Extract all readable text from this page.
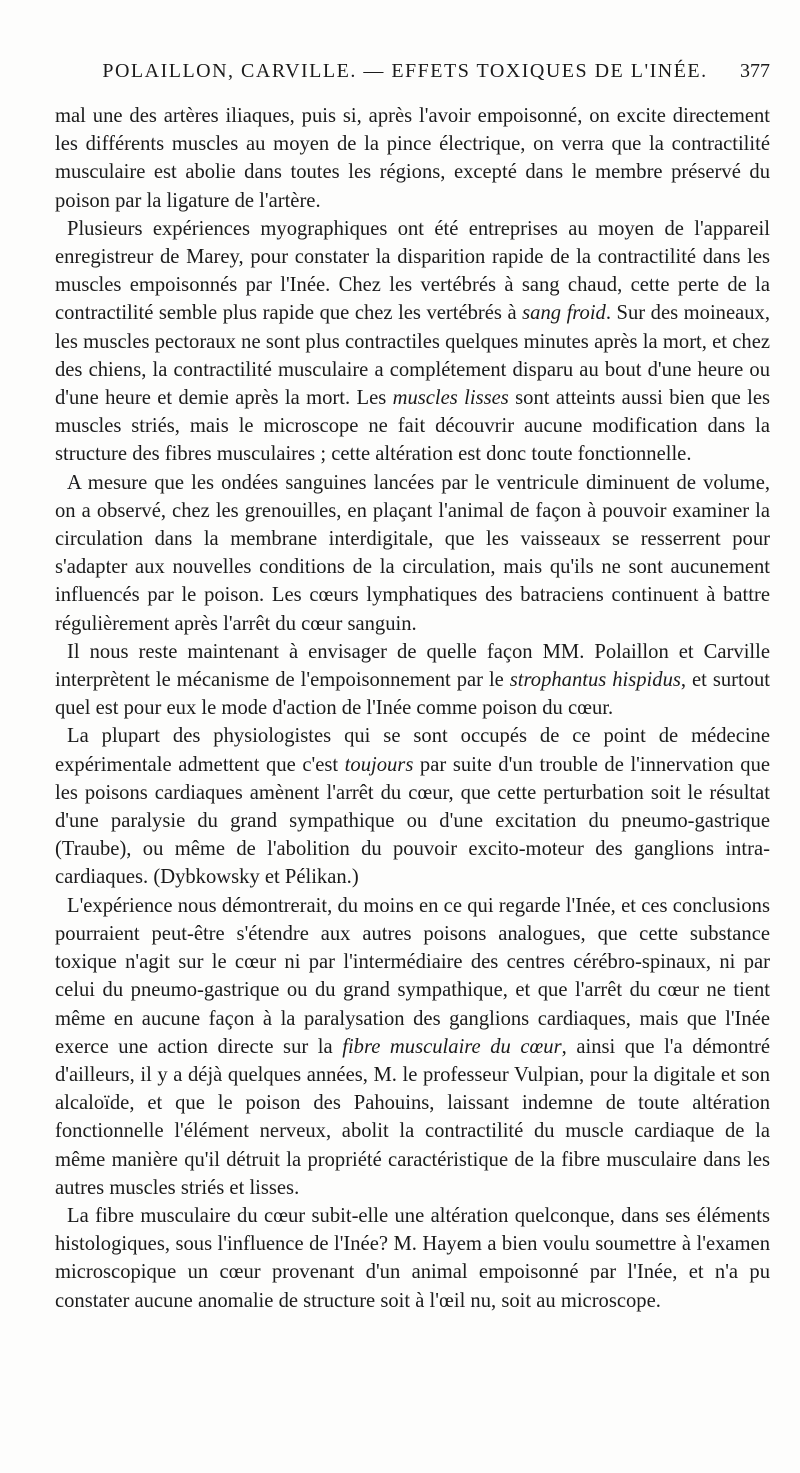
POLAILLON, CARVILLE. — EFFETS TOXIQUES DE L'INÉE.	377

mal une des artères iliaques, puis si, après l'avoir empoisonné, on excite directement les différents muscles au moyen de la pince électrique, on verra que la contractilité musculaire est abolie dans toutes les régions, excepté dans le membre préservé du poison par la ligature de l'artère.

Plusieurs expériences myographiques ont été entreprises au moyen de l'appareil enregistreur de Marey, pour constater la disparition rapide de la contractilité dans les muscles empoisonnés par l'Inée. Chez les vertébrés à sang chaud, cette perte de la contractilité semble plus rapide que chez les vertébrés à sang froid. Sur des moineaux, les muscles pectoraux ne sont plus contractiles quelques minutes après la mort, et chez des chiens, la contractilité musculaire a complétement disparu au bout d'une heure ou d'une heure et demie après la mort. Les muscles lisses sont atteints aussi bien que les muscles striés, mais le microscope ne fait découvrir aucune modification dans la structure des fibres musculaires ; cette altération est donc toute fonctionnelle.

A mesure que les ondées sanguines lancées par le ventricule diminuent de volume, on a observé, chez les grenouilles, en plaçant l'animal de façon à pouvoir examiner la circulation dans la membrane interdigitale, que les vaisseaux se resserrent pour s'adapter aux nouvelles conditions de la circulation, mais qu'ils ne sont aucunement influencés par le poison. Les cœurs lymphatiques des batraciens continuent à battre régulièrement après l'arrêt du cœur sanguin.

Il nous reste maintenant à envisager de quelle façon MM. Polaillon et Carville interprètent le mécanisme de l'empoisonnement par le strophantus hispidus, et surtout quel est pour eux le mode d'action de l'Inée comme poison du cœur.

La plupart des physiologistes qui se sont occupés de ce point de médecine expérimentale admettent que c'est toujours par suite d'un trouble de l'innervation que les poisons cardiaques amènent l'arrêt du cœur, que cette perturbation soit le résultat d'une paralysie du grand sympathique ou d'une excitation du pneumo-gastrique (Traube), ou même de l'abolition du pouvoir excito-moteur des ganglions intra-cardiaques. (Dybkowsky et Pélikan.)

L'expérience nous démontrerait, du moins en ce qui regarde l'Inée, et ces conclusions pourraient peut-être s'étendre aux autres poisons analogues, que cette substance toxique n'agit sur le cœur ni par l'intermédiaire des centres cérébro-spinaux, ni par celui du pneumo-gastrique ou du grand sympathique, et que l'arrêt du cœur ne tient même en aucune façon à la paralysation des ganglions cardiaques, mais que l'Inée exerce une action directe sur la fibre musculaire du cœur, ainsi que l'a démontré d'ailleurs, il y a déjà quelques années, M. le professeur Vulpian, pour la digitale et son alcaloïde, et que le poison des Pahouins, laissant indemne de toute altération fonctionnelle l'élément nerveux, abolit la contractilité du muscle cardiaque de la même manière qu'il détruit la propriété caractéristique de la fibre musculaire dans les autres muscles striés et lisses.

La fibre musculaire du cœur subit-elle une altération quelconque, dans ses éléments histologiques, sous l'influence de l'Inée? M. Hayem a bien voulu soumettre à l'examen microscopique un cœur provenant d'un animal empoisonné par l'Inée, et n'a pu constater aucune anomalie de structure soit à l'œil nu, soit au microscope.
